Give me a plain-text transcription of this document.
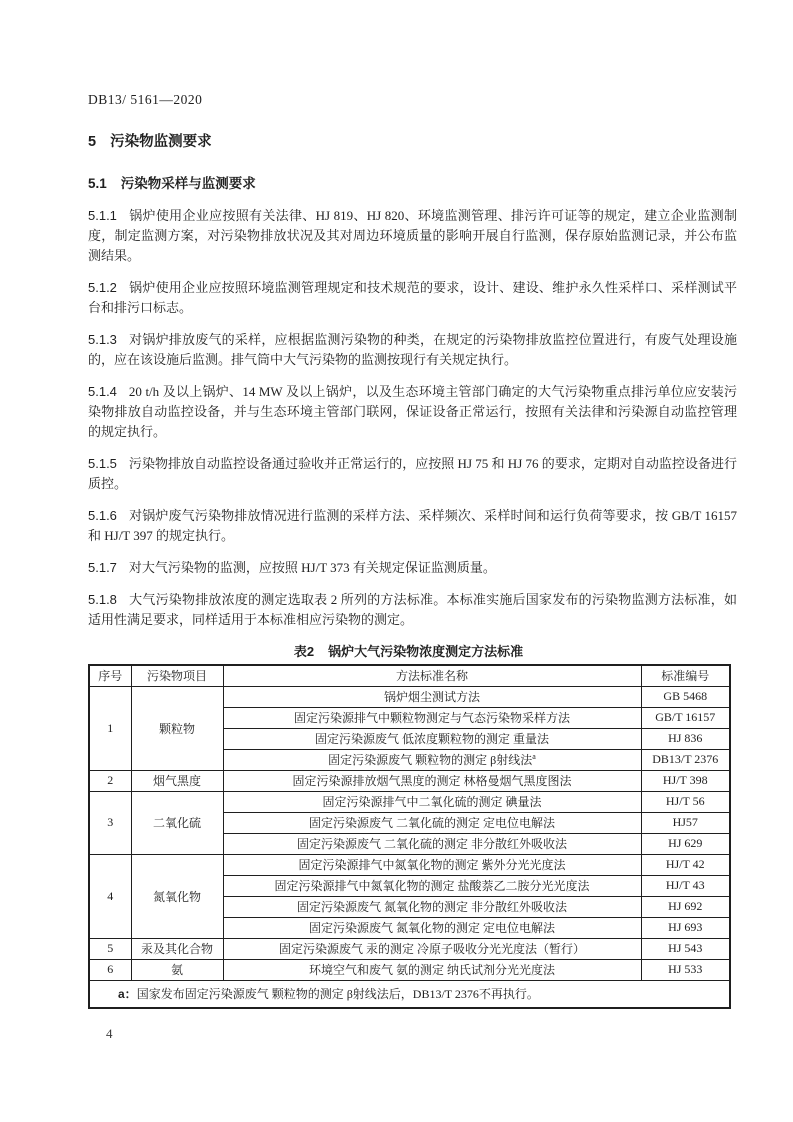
DB13/ 5161—2020
5 污染物监测要求
5.1 污染物采样与监测要求

5.1.1 锅炉使用企业应按照有关法律、HJ 819、HJ 820、环境监测管理、排污许可证等的规定，建立企业监测制度，制定监测方案，对污染物排放状况及其对周边环境质量的影响开展自行监测，保存原始监测记录，并公布监测结果。

5.1.2 锅炉使用企业应按照环境监测管理规定和技术规范的要求，设计、建设、维护永久性采样口、采样测试平台和排污口标志。

5.1.3 对锅炉排放废气的采样，应根据监测污染物的种类，在规定的污染物排放监控位置进行，有废气处理设施的，应在该设施后监测。排气筒中大气污染物的监测按现行有关规定执行。

5.1.4 20 t/h 及以上锅炉、14 MW 及以上锅炉，以及生态环境主管部门确定的大气污染物重点排污单位应安装污染物排放自动监控设备，并与生态环境主管部门联网，保证设备正常运行，按照有关法律和污染源自动监控管理的规定执行。

5.1.5 污染物排放自动监控设备通过验收并正常运行的，应按照 HJ 75 和 HJ 76 的要求，定期对自动监控设备进行质控。

5.1.6 对锅炉废气污染物排放情况进行监测的采样方法、采样频次、采样时间和运行负荷等要求，按 GB/T 16157 和 HJ/T 397 的规定执行。

5.1.7 对大气污染物的监测，应按照 HJ/T 373 有关规定保证监测质量。

5.1.8 大气污染物排放浓度的测定选取表 2 所列的方法标准。本标准实施后国家发布的污染物监测方法标准，如适用性满足要求，同样适用于本标准相应污染物的测定。

表2 锅炉大气污染物浓度测定方法标准
序号	污染物项目	方法标准名称	标准编号
1	颗粒物	锅炉烟尘测试方法	GB 5468
		固定污染源排气中颗粒物测定与气态污染物采样方法	GB/T 16157
		固定污染源废气 低浓度颗粒物的测定 重量法	HJ 836
		固定污染源废气 颗粒物的测定 β射线法$^a$	DB13/T 2376
2	烟气黑度	固定污染源排放烟气黑度的测定 林格曼烟气黑度图法	HJ/T 398
3	二氧化硫	固定污染源排气中二氧化硫的测定 碘量法	HJ/T 56
		固定污染源废气 二氧化硫的测定 定电位电解法	HJ57
		固定污染源废气 二氧化硫的测定 非分散红外吸收法	HJ 629
4	氮氧化物	固定污染源排气中氮氧化物的测定 紫外分光光度法	HJ/T 42
		固定污染源排气中氮氧化物的测定 盐酸萘乙二胺分光光度法	HJ/T 43
		固定污染源废气 氮氧化物的测定 非分散红外吸收法	HJ 692
		固定污染源废气 氮氧化物的测定 定电位电解法	HJ 693
5	汞及其化合物	固定污染源废气 汞的测定 冷原子吸收分光光度法（暂行）	HJ 543
6	氨	环境空气和废气 氨的测定 纳氏试剂分光光度法	HJ 533
a：国家发布固定污染源废气 颗粒物的测定 β射线法后，DB13/T 2376不再执行。			
4
